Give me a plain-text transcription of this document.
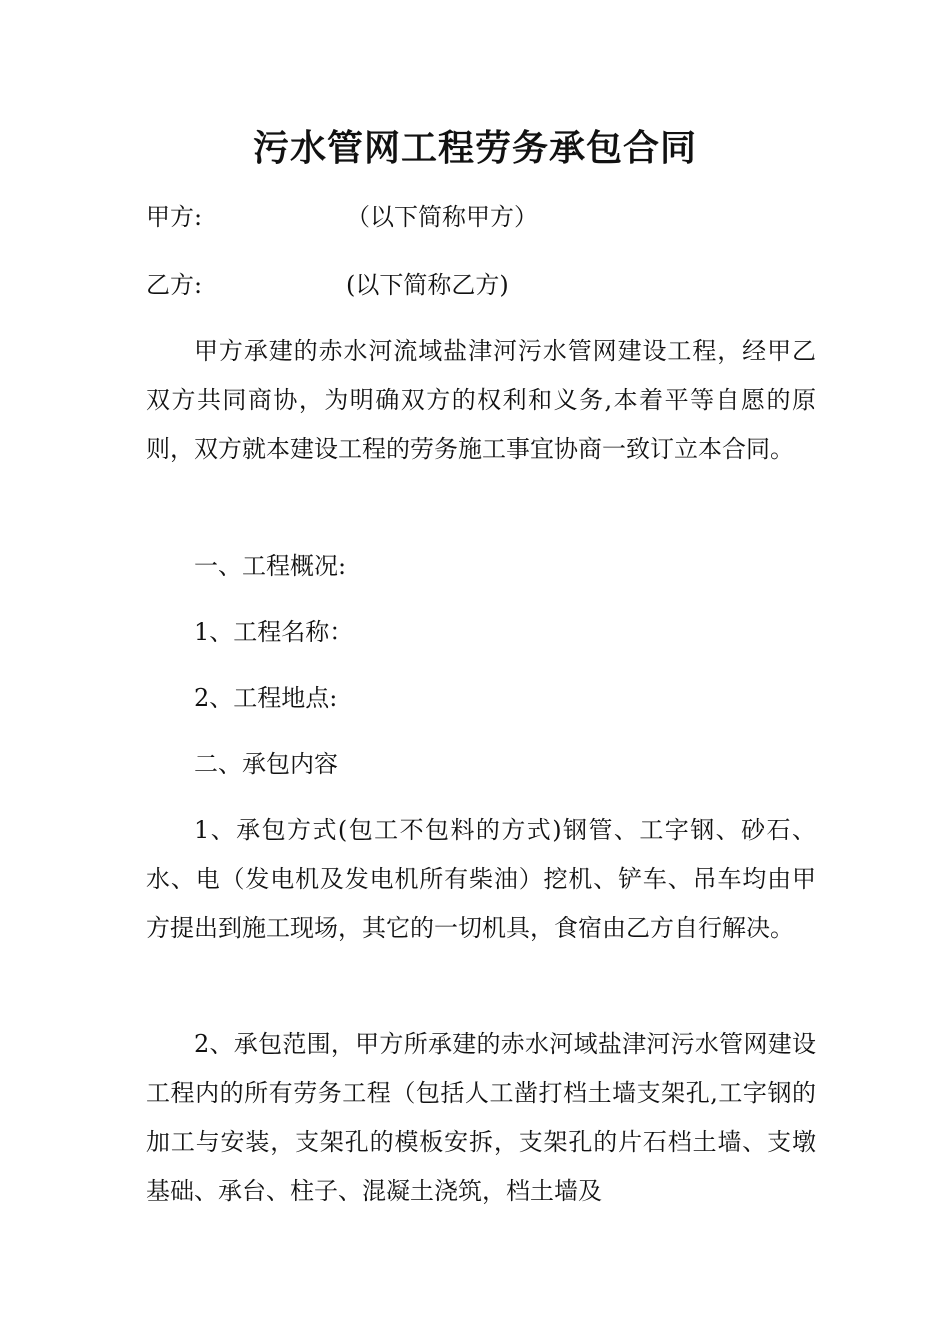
污水管网工程劳务承包合同
甲方:	（以下简称甲方）
乙方:	(以下简称乙方)
甲方承建的赤水河流域盐津河污水管网建设工程，经甲乙双方共同商协，为明确双方的权利和义务,本着平等自愿的原则，双方就本建设工程的劳务施工事宜协商一致订立本合同。
一、工程概况:
1、工程名称：
2、工程地点:
二、承包内容
1、承包方式(包工不包料的方式)钢管、工字钢、砂石、水、电（发电机及发电机所有柴油）挖机、铲车、吊车均由甲方提出到施工现场，其它的一切机具，食宿由乙方自行解决。
2、承包范围，甲方所承建的赤水河域盐津河污水管网建设工程内的所有劳务工程（包括人工凿打档土墙支架孔,工字钢的加工与安装，支架孔的模板安拆，支架孔的片石档土墙、支墩基础、承台、柱子、混凝土浇筑，档土墙及
